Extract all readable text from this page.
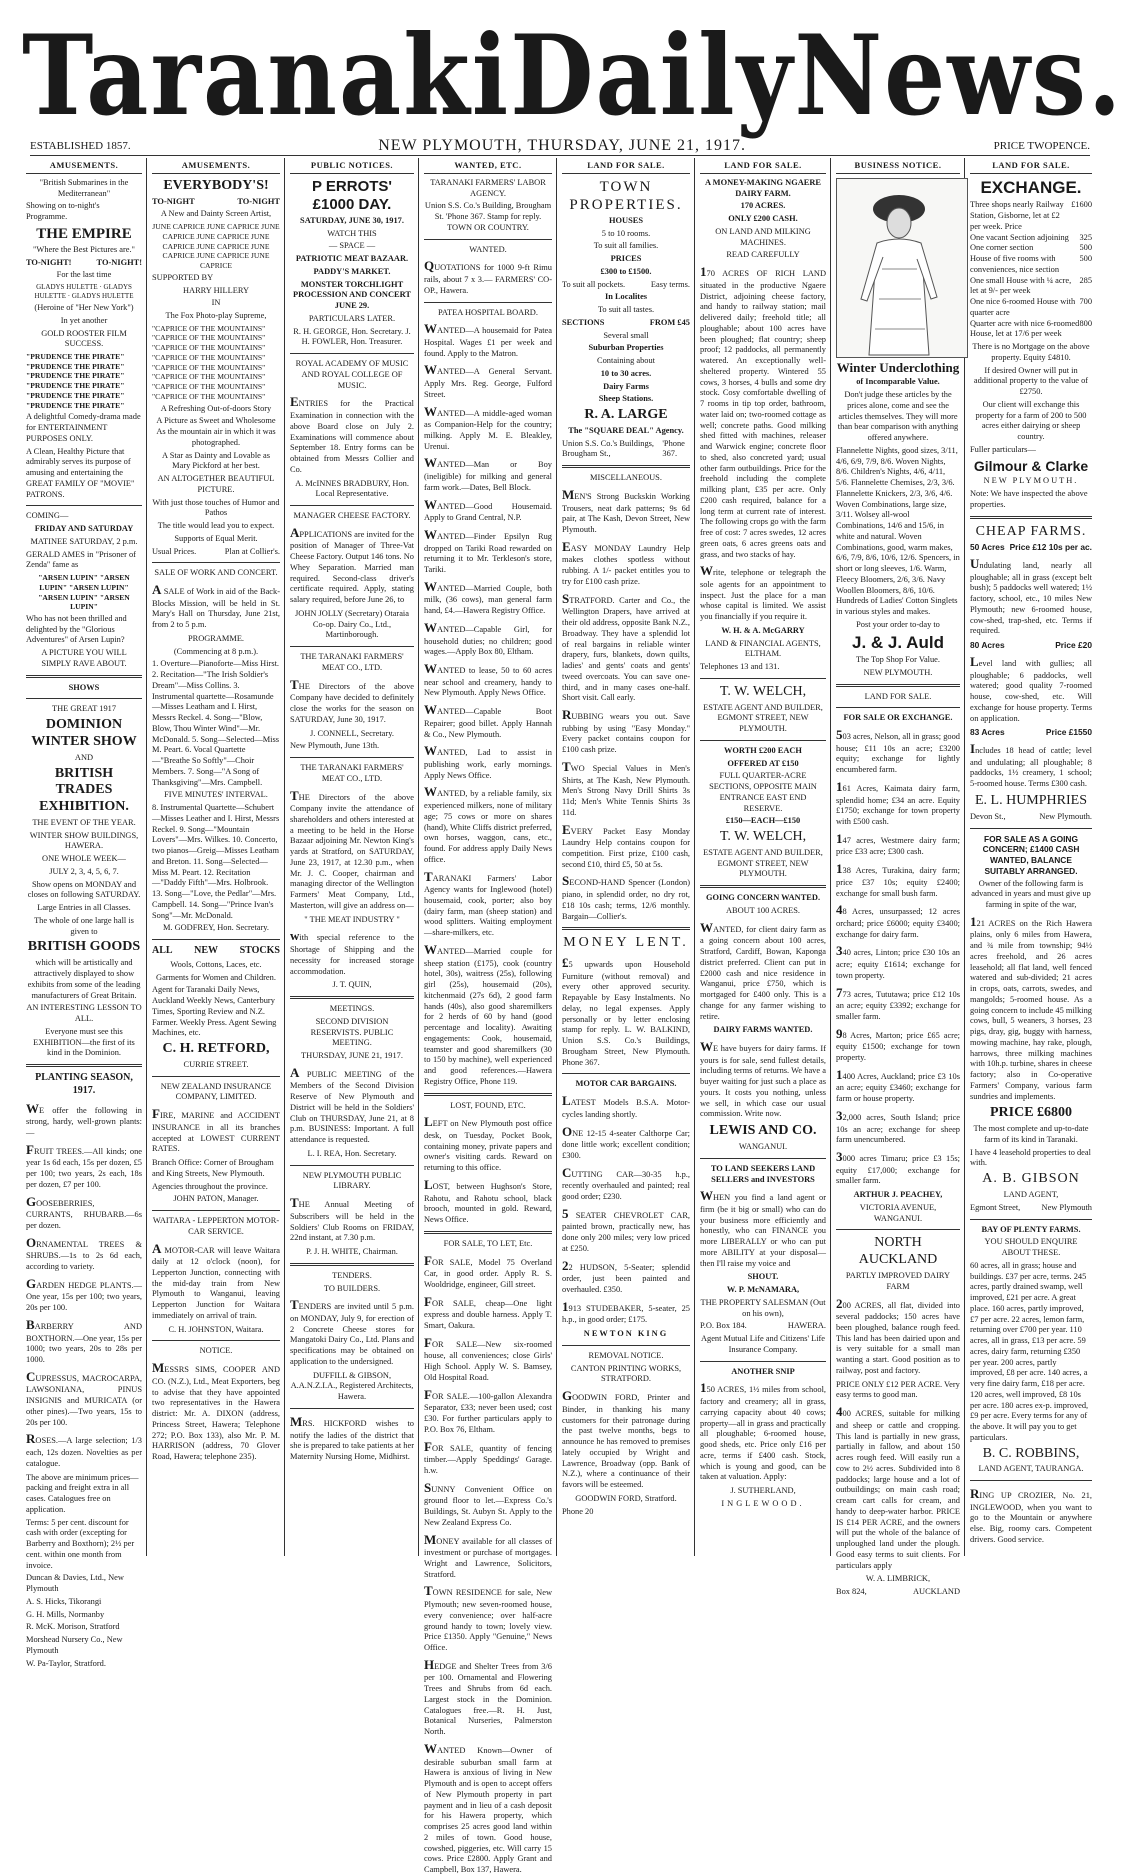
Taranaki Daily News.
ESTABLISHED 1857.	NEW PLYMOUTH, THURSDAY, JUNE 21, 1917.	PRICE TWOPENCE.
AMUSEMENTS.

"British Submarines in the Mediterranean"

Showing on to-night's Programme.

THE EMPIRE

"Where the Best Pictures are."

TO-NIGHT!	TO-NIGHT!

For the last time

GLADYS HULETTE · GLADYS HULETTE · GLADYS HULETTE

(Heroine of "Her New York")

In yet another

GOLD ROOSTER FILM SUCCESS.

"PRUDENCE THE PIRATE" "PRUDENCE THE PIRATE" "PRUDENCE THE PIRATE" "PRUDENCE THE PIRATE" "PRUDENCE THE PIRATE" "PRUDENCE THE PIRATE"

A delightful Comedy-drama made for ENTERTAINMENT PURPOSES ONLY.

A Clean, Healthy Picture that admirably serves its purpose of amusing and entertaining the GREAT FAMILY OF "MOVIE" PATRONS.

COMING—

FRIDAY AND SATURDAY

MATINEE SATURDAY, 2 p.m.

GERALD AMES in "Prisoner of Zenda" fame as

"ARSEN LUPIN" "ARSEN LUPIN" "ARSEN LUPIN" "ARSEN LUPIN" "ARSEN LUPIN"

Who has not been thrilled and delighted by the "Glorious Adventures" of Arsen Lupin?

A PICTURE YOU WILL SIMPLY RAVE ABOUT.

SHOWS

THE GREAT 1917

DOMINION WINTER SHOW

AND

BRITISH TRADES EXHIBITION.

THE EVENT OF THE YEAR.

WINTER SHOW BUILDINGS, HAWERA.

ONE WHOLE WEEK—

JULY 2, 3, 4, 5, 6, 7.

Show opens on MONDAY and closes on following SATURDAY.

Large Entries in all Classes.

The whole of one large hall is given to

BRITISH GOODS

which will be artistically and attractively displayed to show exhibits from some of the leading manufacturers of Great Britain.

AN INTERESTING LESSON TO ALL.

Everyone must see this EXHIBITION—the first of its kind in the Dominion.

PLANTING SEASON, 1917.

WE offer the following in strong, hardy, well-grown plants:—

FRUIT TREES.—All kinds; one year 1s 6d each, 15s per dozen, £5 per 100; two years, 2s each, 18s per dozen, £7 per 100.

GOOSEBERRIES, CURRANTS, RHUBARB.—6s per dozen.

ORNAMENTAL TREES & SHRUBS.—1s to 2s 6d each, according to variety.

GARDEN HEDGE PLANTS.—One year, 15s per 100; two years, 20s per 100.

BARBERRY AND BOXTHORN.—One year, 15s per 1000; two years, 20s to 28s per 1000.

CUPRESSUS, MACROCARPA, LAWSONIANA, PINUS INSIGNIS and MURICATA (or other pines).—Two years, 15s to 20s per 100.

ROSES.—A large selection; 1/3 each, 12s dozen. Novelties as per catalogue.

The above are minimum prices—packing and freight extra in all cases. Catalogues free on application.

Terms: 5 per cent. discount for cash with order (excepting for Barberry and Boxthorn); 2½ per cent. within one month from invoice.

Duncan & Davies, Ltd., New Plymouth

A. S. Hicks, Tikorangi

G. H. Mills, Normanby

R. McK. Morison, Stratford

Morshead Nursery Co., New Plymouth

W. Pa-Taylor, Stratford.

AMUSEMENTS.

EVERYBODY'S!

TO-NIGHT	TO-NIGHT

A New and Dainty Screen Artist,

JUNE CAPRICE JUNE CAPRICE JUNE CAPRICE JUNE CAPRICE JUNE CAPRICE JUNE CAPRICE JUNE CAPRICE JUNE CAPRICE JUNE CAPRICE

SUPPORTED BY

HARRY HILLERY

IN

The Fox Photo-play Supreme,

"CAPRICE OF THE MOUNTAINS" "CAPRICE OF THE MOUNTAINS" "CAPRICE OF THE MOUNTAINS" "CAPRICE OF THE MOUNTAINS" "CAPRICE OF THE MOUNTAINS" "CAPRICE OF THE MOUNTAINS" "CAPRICE OF THE MOUNTAINS" "CAPRICE OF THE MOUNTAINS"

A Refreshing Out-of-doors Story

A Picture as Sweet and Wholesome As the mountain air in which it was photographed.

A Star as Dainty and Lovable as Mary Pickford at her best.

AN ALTOGETHER BEAUTIFUL PICTURE.

With just those touches of Humor and Pathos

The title would lead you to expect.

Supports of Equal Merit.

Usual Prices.	Plan at Collier's.

SALE OF WORK AND CONCERT.

A SALE of Work in aid of the Back-Blocks Mission, will be held in St. Mary's Hall on Thursday, June 21st, from 2 to 5 p.m.

PROGRAMME.

(Commencing at 8 p.m.).

1. Overture—Pianoforte—Miss Hirst. 2. Recitation—"The Irish Soldier's Dream"—Miss Collins. 3. Instrumental quartette—Rosamunde—Misses Leatham and I. Hirst, Messrs Reckel. 4. Song—"Blow, Blow, Thou Winter Wind"—Mr. McDonald. 5. Song—Selected—Miss M. Peart. 6. Vocal Quartette—"Breathe So Softly"—Choir Members. 7. Song—"A Song of Thanksgiving"—Mrs. Campbell.

FIVE MINUTES' INTERVAL.

8. Instrumental Quartette—Schubert—Misses Leather and I. Hirst, Messrs Reckel. 9. Song—"Mountain Lovers"—Mrs. Wilkes. 10. Concerto, two pianos—Greig—Misses Leatham and Breton. 11. Song—Selected—Miss M. Peart. 12. Recitation—"Daddy Fifth"—Mrs. Holbrook. 13. Song—"Love, the Pedlar"—Mrs. Campbell. 14. Song—"Prince Ivan's Song"—Mr. McDonald.

M. GODFREY, Hon. Secretary.

ALL NEW STOCKS

Wools, Cottons, Laces, etc.

Garments for Women and Children.

Agent for Taranaki Daily News, Auckland Weekly News, Canterbury Times, Sporting Review and N.Z. Farmer. Weekly Press. Agent Sewing Machines, etc.

C. H. RETFORD,

CURRIE STREET.

NEW ZEALAND INSURANCE COMPANY, LIMITED.

FIRE, MARINE and ACCIDENT INSURANCE in all its branches accepted at LOWEST CURRENT RATES.

Branch Office: Corner of Brougham and King Streets, New Plymouth.

Agencies throughout the province.

JOHN PATON, Manager.

WAITARA - LEPPERTON MOTOR-CAR SERVICE.

A MOTOR-CAR will leave Waitara daily at 12 o'clock (noon), for Lepperton Junction, connecting with the mid-day train from New Plymouth to Wanganui, leaving Lepperton Junction for Waitara immediately on arrival of train.

C. H. JOHNSTON, Waitara.

NOTICE.

MESSRS SIMS, COOPER AND CO. (N.Z.), Ltd., Meat Exporters, beg to advise that they have appointed two representatives in the Hawera district: Mr. A. DIXON (address, Princess Street, Hawera; Telephone 272; P.O. Box 133), also Mr. P. M. HARRISON (address, 70 Glover Road, Hawera; telephone 235).

PUBLIC NOTICES.

P ERROTS' £1000 DAY.

SATURDAY, JUNE 30, 1917.

WATCH THIS

— SPACE —

PATRIOTIC MEAT BAZAAR.

PADDY'S MARKET.

MONSTER TORCHLIGHT PROCESSION AND CONCERT JUNE 29.

PARTICULARS LATER.

R. H. GEORGE, Hon. Secretary. J. H. FOWLER, Hon. Treasurer.

ROYAL ACADEMY OF MUSIC AND ROYAL COLLEGE OF MUSIC.

ENTRIES for the Practical Examination in connection with the above Board close on July 2. Examinations will commence about September 18. Entry forms can be obtained from Messrs Collier and Co.

A. McINNES BRADBURY, Hon. Local Representative.

MANAGER CHEESE FACTORY.

APPLICATIONS are invited for the position of Manager of Three-Vat Cheese Factory. Output 146 tons. No Whey Separation. Married man required. Second-class driver's certificate required. Apply, stating salary required, before June 26, to

JOHN JOLLY (Secretary) Otaraia Co-op. Dairy Co., Ltd., Martinborough.

THE TARANAKI FARMERS' MEAT CO., LTD.

THE Directors of the above Company have decided to definitely close the works for the season on SATURDAY, June 30, 1917.

J. CONNELL, Secretary.

New Plymouth, June 13th.

THE TARANAKI FARMERS' MEAT CO., LTD.

THE Directors of the above Company invite the attendance of shareholders and others interested at a meeting to be held in the Horse Bazaar adjoining Mr. Newton King's yards at Stratford, on SATURDAY, June 23, 1917, at 12.30 p.m., when Mr. J. C. Cooper, chairman and managing director of the Wellington Farmers' Meat Company, Ltd., Masterton, will give an address on—

" THE MEAT INDUSTRY "

with special reference to the Shortage of Shipping and the necessity for increased storage accommodation.

J. T. QUIN,

MEETINGS.

SECOND DIVISION RESERVISTS. PUBLIC MEETING.

THURSDAY, JUNE 21, 1917.

A PUBLIC MEETING of the Members of the Second Division Reserve of New Plymouth and District will be held in the Soldiers' Club on THURSDAY, June 21, at 8 p.m. BUSINESS: Important. A full attendance is requested.

L. I. REA, Hon. Secretary.

NEW PLYMOUTH PUBLIC LIBRARY.

THE Annual Meeting of Subscribers will be held in the Soldiers' Club Rooms on FRIDAY, 22nd instant, at 7.30 p.m.

P. J. H. WHITE, Chairman.

TENDERS.

TO BUILDERS.

TENDERS are invited until 5 p.m. on MONDAY, July 9, for erection of 2 Concrete Cheese stores for Mangatoki Dairy Co., Ltd. Plans and specifications may be obtained on application to the undersigned.

DUFFILL & GIBSON, A.A.N.Z.I.A., Registered Architects, Hawera.

MRS. HICKFORD wishes to notify the ladies of the district that she is prepared to take patients at her Maternity Nursing Home, Midhirst.

WANTED, ETC.

TARANAKI FARMERS' LABOR AGENCY.

Union S.S. Co.'s Building, Brougham St. 'Phone 367. Stamp for reply. TOWN OR COUNTRY.

WANTED.

QUOTATIONS for 1000 9-ft Rimu rails, about 7 x 3.— FARMERS' CO-OP., Hawera.

PATEA HOSPITAL BOARD.

WANTED—A housemaid for Patea Hospital. Wages £1 per week and found. Apply to the Matron.

WANTED—A General Servant. Apply Mrs. Reg. George, Fulford Street.

WANTED—A middle-aged woman as Companion-Help for the country; milking. Apply M. E. Bleakley, Urenui.

WANTED—Man or Boy (ineligible) for milking and general farm work.—Dates, Bell Block.

WANTED—Good Housemaid. Apply to Grand Central, N.P.

WANTED—Finder Epsilyn Rug dropped on Tariki Road rewarded on returning it to Mr. Terkleson's store, Tariki.

WANTED—Married Couple, both milk, (36 cows), man general farm hand, £4.—Hawera Registry Office.

WANTED—Capable Girl, for household duties; no children; good wages.—Apply Box 80, Eltham.

WANTED to lease, 50 to 60 acres near school and creamery, handy to New Plymouth. Apply News Office.

WANTED—Capable Boot Repairer; good billet. Apply Hannah & Co., New Plymouth.

WANTED, Lad to assist in publishing work, early mornings. Apply News Office.

WANTED, by a reliable family, six experienced milkers, none of military age; 75 cows or more on shares (hand), White Cliffs district preferred, own horses, waggon, cans, etc., found. For address apply Daily News office.

TARANAKI Farmers' Labor Agency wants for Inglewood (hotel) housemaid, cook, porter; also boy (dairy farm, man (sheep station) and wood splitters. Waiting employment—share-milkers, etc.

WANTED—Married couple for sheep station (£175), cook (country hotel, 30s), waitress (25s), following girl (25s), housemaid (20s), kitchenmaid (27s 6d), 2 good farm hands (40s), also good sharemilkers for 2 herds of 60 by hand (good percentage and locality). Awaiting engagements: Cook, housemaid, teamster and good sharemilkers (30 to 150 by machine), well experienced and good references.—Hawera Registry Office, Phone 119.

LOST, FOUND, ETC.

LEFT on New Plymouth post office desk, on Tuesday, Pocket Book, containing money, private papers and owner's visiting cards. Reward on returning to this office.

LOST, between Hughson's Store, Rahotu, and Rahotu school, black brooch, mounted in gold. Reward, News Office.

FOR SALE, TO LET, Etc.

FOR SALE, Model 75 Overland Car, in good order. Apply R. S. Wooldridge, engineer, Gill street.

FOR SALE, cheap—One light express and double harness. Apply T. Smart, Oakura.

FOR SALE—New six-roomed house, all conveniences; close Girls' High School. Apply W. S. Bamsey, Old Hospital Road.

FOR SALE.—100-gallon Alexandra Separator, £33; never been used; cost £30. For further particulars apply to P.O. Box 76, Eltham.

FOR SALE, quantity of fencing timber.—Apply Speddings' Garage. h.w.

SUNNY Convenient Office on ground floor to let.—Express Co.'s Buildings, St. Aubyn St. Apply to the New Zealand Express Co.

MONEY available for all classes of investment or purchase of mortgages. Wright and Lawrence, Solicitors, Stratford.

TOWN RESIDENCE for sale, New Plymouth; new seven-roomed house, every convenience; over half-acre ground handy to town; lovely view. Price £1350. Apply "Genuine," News Office.

HEDGE and Shelter Trees from 3/6 per 100. Ornamental and Flowering Trees and Shrubs from 6d each. Largest stock in the Dominion. Catalogues free.—R. H. Just, Botanical Nurseries, Palmerston North.

WANTED Known—Owner of desirable suburban small farm at Hawera is anxious of living in New Plymouth and is open to accept offers of New Plymouth property in part payment and in lieu of a cash deposit for his Hawera property, which comprises 25 acres good land within 2 miles of town. Good house, cowshed, piggeries, etc. Will carry 15 cows. Price £2800. Apply Grant and Campbell, Box 137, Hawera.

LAND FOR SALE.

TOWN PROPERTIES.

HOUSES

5 to 10 rooms.

To suit all families.

PRICES

£300 to £1500.

To suit all pockets.	Easy terms.

In Localites

To suit all tastes.

SECTIONS	FROM £45

Several small

Suburban Properties

Containing about

10 to 30 acres.

Dairy Farms

Sheep Stations.

R. A. LARGE

The "SQUARE DEAL" Agency.

Union S.S. Co.'s Buildings, Brougham St.,
'Phone 367.

MISCELLANEOUS.

MEN'S Strong Buckskin Working Trousers, neat dark patterns; 9s 6d pair, at The Kash, Devon Street, New Plymouth.

EASY MONDAY Laundry Help makes clothes spotless without rubbing. A 1/- packet entitles you to try for £100 cash prize.

STRATFORD. Carter and Co., the Wellington Drapers, have arrived at their old address, opposite Bank N.Z., Broadway. They have a splendid lot of real bargains in reliable winter drapery, furs, blankets, down quilts, ladies' and gents' coats and gents' tweed overcoats. You can save one-third, and in many cases one-half. Short visit. Call early.

RUBBING wears you out. Save rubbing by using "Easy Monday." Every packet contains coupon for £100 cash prize.

TWO Special Values in Men's Shirts, at The Kash, New Plymouth. Men's Strong Navy Drill Shirts 3s 11d; Men's White Tennis Shirts 3s 11d.

EVERY Packet Easy Monday Laundry Help contains coupon for competition. First prize, £100 cash, second £10, third £5, 50 at 5s.

SECOND-HAND Spencer (London) piano, in splendid order, no dry rot, £18 10s cash; terms, 12/6 monthly. Bargain—Collier's.

MONEY LENT.

£5 upwards upon Household Furniture (without removal) and every other approved security. Repayable by Easy Instalments. No delay, no legal expenses. Apply personally or by letter enclosing stamp for reply. L. W. BALKIND, Union S.S. Co.'s Buildings, Brougham Street, New Plymouth. Phone 367.

MOTOR CAR BARGAINS.

LATEST Models B.S.A. Motor-cycles landing shortly.

ONE 12-15 4-seater Calthorpe Car; done little work; excellent condition; £300.

CUTTING CAR—30-35 h.p., recently overhauled and painted; real good order; £230.

5 SEATER CHEVROLET CAR, painted brown, practically new, has done only 200 miles; very low priced at £250.

22 HUDSON, 5-Seater; splendid order, just been painted and overhauled. £350.

1913 STUDEBAKER, 5-seater, 25 h.p., in good order; £175.

NEWTON KING

REMOVAL NOTICE.

CANTON PRINTING WORKS, STRATFORD.

GOODWIN FORD, Printer and Binder, in thanking his many customers for their patronage during the past twelve months, begs to announce he has removed to premises lately occupied by Wright and Lawrence, Broadway (opp. Bank of N.Z.), where a continuance of their favors will be esteemed.

GOODWIN FORD, Stratford.

Phone 20

LAND FOR SALE.

A MONEY-MAKING NGAERE DAIRY FARM.

170 ACRES.

ONLY £200 CASH.

ON LAND AND MILKING MACHINES.

READ CAREFULLY

170 ACRES OF RICH LAND situated in the productive Ngaere District, adjoining cheese factory, and handy to railway station; mail delivered daily; freehold title; all ploughable; about 100 acres have been ploughed; flat country; sheep proof; 12 paddocks, all permanently watered. An exceptionally well-sheltered property. Wintered 55 cows, 3 horses, 4 bulls and some dry stock. Cosy comfortable dwelling of 7 rooms in tip top order, bathroom, water laid on; two-roomed cottage as well; concrete paths. Good milking shed fitted with machines, releaser and Warwick engine; concrete floor to shed, also concreted yard; usual other farm outbuildings. Price for the freehold including the complete milking plant, £35 per acre. Only £200 cash required, balance for a long term at current rate of interest. The following crops go with the farm free of cost: 7 acres swedes, 12 acres green oats, 6 acres greens oats and grass, and two stacks of hay.

Write, telephone or telegraph the sole agents for an appointment to inspect. Just the place for a man whose capital is limited. We assist you financially if you require it.

W. H. & A. McGARRY

LAND & FINANCIAL AGENTS, ELTHAM.

Telephones 13 and 131.

T. W. WELCH,

ESTATE AGENT AND BUILDER, EGMONT STREET, NEW PLYMOUTH.

WORTH £200 EACH

OFFERED AT £150

FULL QUARTER-ACRE SECTIONS, OPPOSITE MAIN ENTRANCE EAST END RESERVE.

£150—EACH—£150

T. W. WELCH,

ESTATE AGENT AND BUILDER, EGMONT STREET, NEW PLYMOUTH.

GOING CONCERN WANTED.

ABOUT 100 ACRES.

WANTED, for client dairy farm as a going concern about 100 acres, Stratford, Cardiff, Bowan, Kaponga district preferred. Client can put in £2000 cash and nice residence in Wanganui, price £750, which is mortgaged for £400 only. This is a change for any farmer wishing to retire.

DAIRY FARMS WANTED.

WE have buyers for dairy farms. If yours is for sale, send fullest details, including terms of returns. We have a buyer waiting for just such a place as yours. It costs you nothing, unless we sell, in which case our usual commission. Write now.

LEWIS AND CO.

WANGANUI.

TO LAND SEEKERS LAND SELLERS and INVESTORS

WHEN you find a land agent or firm (be it big or small) who can do your business more efficiently and honestly, who can FINANCE you more LIBERALLY or who can put more ABILITY at your disposal—then I'll raise my voice and

SHOUT.

W. P. McNAMARA,

THE PROPERTY SALESMAN (Out on his own),

P.O. Box 184.	HAWERA.

Agent Mutual Life and Citizens' Life Insurance Company.

ANOTHER SNIP

150 ACRES, 1½ miles from school, factory and creamery; all in grass, carrying capacity about 40 cows; property—all in grass and practically all ploughable; 6-roomed house, good sheds, etc. Price only £16 per acre, terms if £400 cash. Stock, which is young and good, can be taken at valuation. Apply:

J. SUTHERLAND,

INGLEWOOD.

BUSINESS NOTICE.

Winter Underclothing

of Incomparable Value.

Don't judge these articles by the prices alone, come and see the articles themselves. They will more than bear comparison with anything offered anywhere.

Flannelette Nights, good sizes, 3/11, 4/6, 6/9, 7/9, 8/6. Woven Nights, 8/6. Children's Nights, 4/6, 4/11, 5/6. Flannelette Chemises, 2/3, 3/6. Flannelette Knickers, 2/3, 3/6, 4/6. Woven Combinations, large size, 3/11. Wolsey all-wool Combinations, 14/6 and 15/6, in white and natural. Woven Combinations, good, warm makes, 6/6, 7/9, 8/6, 10/6, 12/6. Spencers, in short or long sleeves, 1/6. Warm, Fleecy Bloomers, 2/6, 3/6. Navy Woollen Bloomers, 8/6, 10/6. Hundreds of Ladies' Cotton Singlets in various styles and makes.

Post your order to-day to

J. & J. Auld

The Top Shop For Value.

NEW PLYMOUTH.

LAND FOR SALE.

FOR SALE OR EXCHANGE.

503 acres, Nelson, all in grass; good house; £11 10s an acre; £3200 equity; exchange for lightly encumbered farm.

161 Acres, Kaimata dairy farm, splendid home; £34 an acre. Equity £1750; exchange for town property with £500 cash.

147 acres, Westmere dairy farm; price £33 acre; £300 cash.

138 Acres, Turakina, dairy farm; price £37 10s; equity £2400; exchange for small bush farm.

48 Acres, unsurpassed; 12 acres orchard; price £6000; equity £3400; exchange for dairy farm.

340 acres, Linton; price £30 10s an acre; equity £1614; exchange for town property.

773 acres, Tututawa; price £12 10s an acre; equity £3392; exchange for smaller farm.

98 Acres, Marton; price £65 acre; equity £1500; exchange for town property.

1400 Acres, Auckland; price £3 10s an acre; equity £3460; exchange for farm or house property.

32,000 acres, South Island; price 10s an acre; exchange for sheep farm unencumbered.

3000 acres Timaru; price £3 15s; equity £17,000; exchange for smaller farm.

ARTHUR J. PEACHEY,

VICTORIA AVENUE, WANGANUI.

NORTH AUCKLAND

PARTLY IMPROVED DAIRY FARM

200 ACRES, all flat, divided into several paddocks; 150 acres have been ploughed, balance rough feed. This land has been dairied upon and is very suitable for a small man wanting a start. Good position as to railway, post and factory.

PRICE ONLY £12 PER ACRE. Very easy terms to good man.

400 ACRES, suitable for milking and sheep or cattle and cropping. This land is partially in new grass, partially in fallow, and about 150 acres rough feed. Will easily run a cow to 2½ acres. Subdivided into 8 paddocks; large house and a lot of outbuildings; on main cash road; cream cart calls for cream, and handy to deep-water harbor. PRICE IS £14 PER ACRE, and the owners will put the whole of the balance of unploughed land under the plough. Good easy terms to suit clients. For particulars apply

W. A. LIMBRICK,

Box 824,	AUCKLAND
LAND FOR SALE.

EXCHANGE.

Three shops nearly Railway Station, Gisborne, let at £2 per week. Price
£1600
One vacant Section adjoining 325
One corner section	500
House of five rooms with conveniences, nice section
500
One small House with ¼ acre, let at 9/- per week
285
One nice 6-roomed House with quarter acre
700
Quarter acre with nice 6-roomed House, let at 17/6 per week
800

There is no Mortgage on the above property. Equity £4810.

If desired Owner will put in additional property to the value of £2750.

Our client will exchange this property for a farm of 200 to 500 acres either dairying or sheep country.

Fuller particulars—

Gilmour & Clarke

NEW PLYMOUTH.

Note: We have inspected the above properties.

CHEAP FARMS.

50 Acres Price £12 10s per ac.

Undulating land, nearly all ploughable; all in grass (except belt bush); 5 paddocks well watered; 1½ factory, school, etc., 10 miles New Plymouth; new 6-roomed house, cow-shed, trap-shed, etc. Terms if required.

80 Acres	Price £20

Level land with gullies; all ploughable; 6 paddocks, well watered; good quality 7-roomed house, cow-shed, etc. Will exchange for house property. Terms on application.

83 Acres	Price £1550

Includes 18 head of cattle; level and undulating; all ploughable; 8 paddocks, 1½ creamery, 1 school; 5-roomed house. Terms £300 cash.

E. L. HUMPHRIES

Devon St.,	New Plymouth.

FOR SALE AS A GOING CONCERN; £1400 CASH WANTED, BALANCE SUITABLY ARRANGED.

Owner of the following farm is advanced in years and must give up farming in spite of the war,

121 ACRES on the Rich Hawera plains, only 6 miles from Hawera, and ¾ mile from township; 94½ acres freehold, and 26 acres leasehold; all flat land, well fenced watered and sub-divided; 21 acres in crops, oats, carrots, swedes, and mangolds; 5-roomed house. As a going concern to include 45 milking cows, bull, 5 weaners, 3 horses, 23 pigs, dray, gig, buggy with harness, mowing machine, hay rake, plough, harrows, three milking machines with 10h.p. turbine, shares in cheese factory; also in Co-operative Farmers' Company, various farm sundries and implements.

PRICE £6800

The most complete and up-to-date farm of its kind in Taranaki.

I have 4 leasehold properties to deal with.

A. B. GIBSON

LAND AGENT,

Egmont Street,	New Plymouth

BAY OF PLENTY FARMS.

YOU SHOULD ENQUIRE ABOUT THESE.

60 acres, all in grass; house and buildings. £37 per acre, terms. 245 acres, partly drained swamp, well improved, £21 per acre. A great place. 160 acres, partly improved, £7 per acre. 22 acres, lemon farm, returning over £700 per year. 110 acres, all in grass, £13 per acre. 59 acres, dairy farm, returning £350 per year. 200 acres, partly improved, £8 per acre. 140 acres, a very fine dairy farm, £18 per acre. 120 acres, well improved, £8 10s per acre. 180 acres ex-p. improved, £9 per acre. Every terms for any of the above. It will pay you to get particulars.

B. C. ROBBINS,

LAND AGENT, TAURANGA.

RING UP CROZIER, No. 21, INGLEWOOD, when you want to go to the Mountain or anywhere else. Big, roomy cars. Competent drivers. Good service.
